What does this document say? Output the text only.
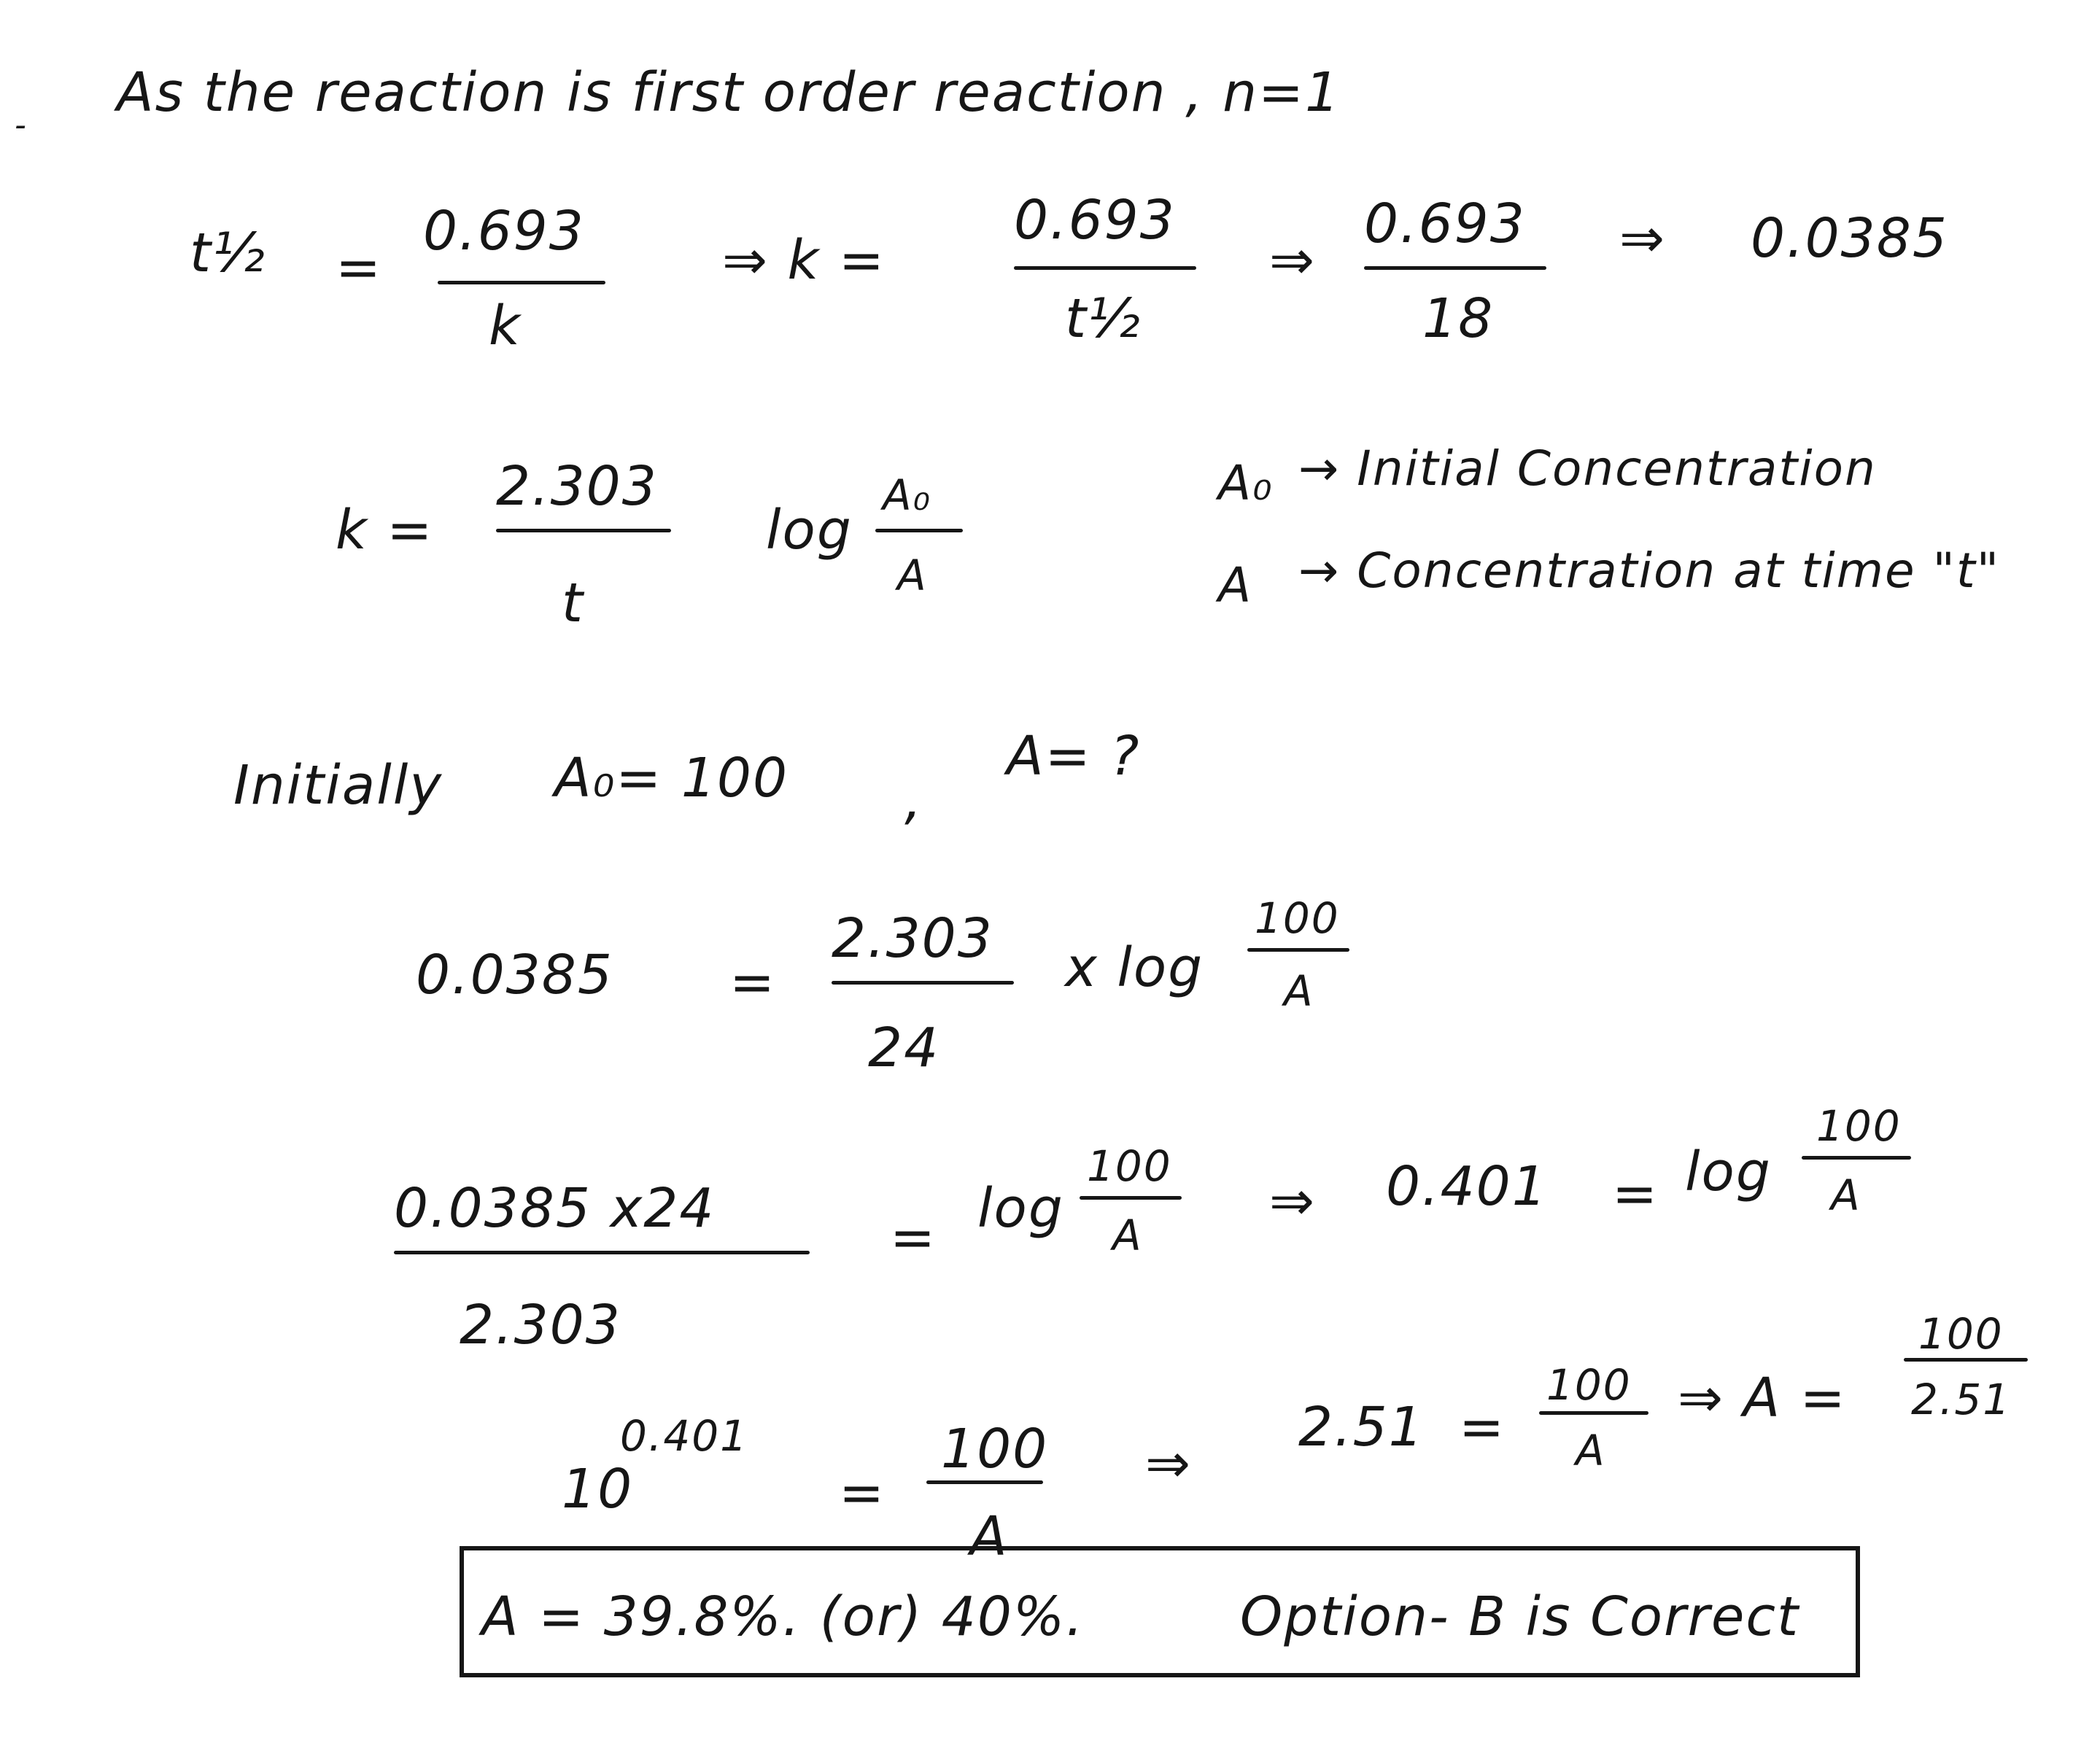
-
As the reaction is first order reaction , n=1
t½ =
0.693
k
⇒ k =
0.693
t½
⇒
0.693
18
⇒ 0.0385
k =
2.303
t
log
A₀
A
A₀ → Initial Concentration
A → Concentration at time "t"
Initially A₀= 100 ,
A= ?
0.0385 =
2.303
24
x log
100
A
0.0385 x24
2.303
= log
100
A
⇒ 0.401 = log
100
A
10
0.401
=
100
A
⇒
2.51 =
100
A
⇒ A =
100
2.51
A = 39.8%. (or) 40%.	Option- B is Correct
